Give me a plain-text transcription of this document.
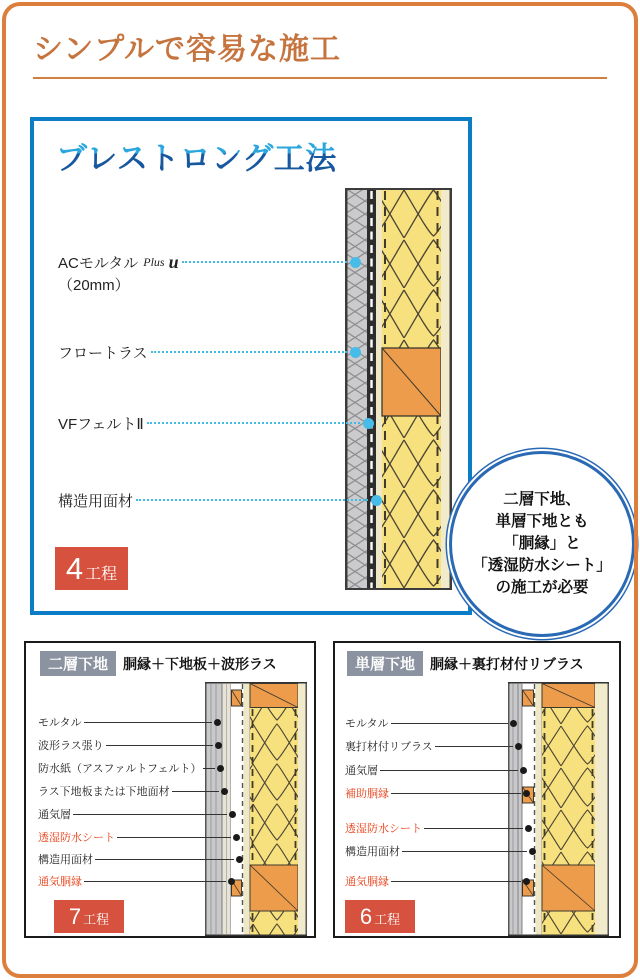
シンプルで容易な施工
ブレストロング工法
ACモルタル Plus u
（20mm）
フロートラス
VFフェルトⅡ
構造用面材
4 工程
二層下地、
単層下地とも
「胴縁」と
「透湿防水シート」
の施工が必要
二層下地	胴縁＋下地板＋波形ラス
モルタル
波形ラス張り
防水紙（アスファルトフェルト）
ラス下地板または下地面材
通気層
透湿防水シート
構造用面材
通気胴縁
7 工程
単層下地	胴縁＋裏打材付リブラス
モルタル
裏打材付リブラス
通気層
補助胴縁
透湿防水シート
構造用面材
通気胴縁
6 工程
